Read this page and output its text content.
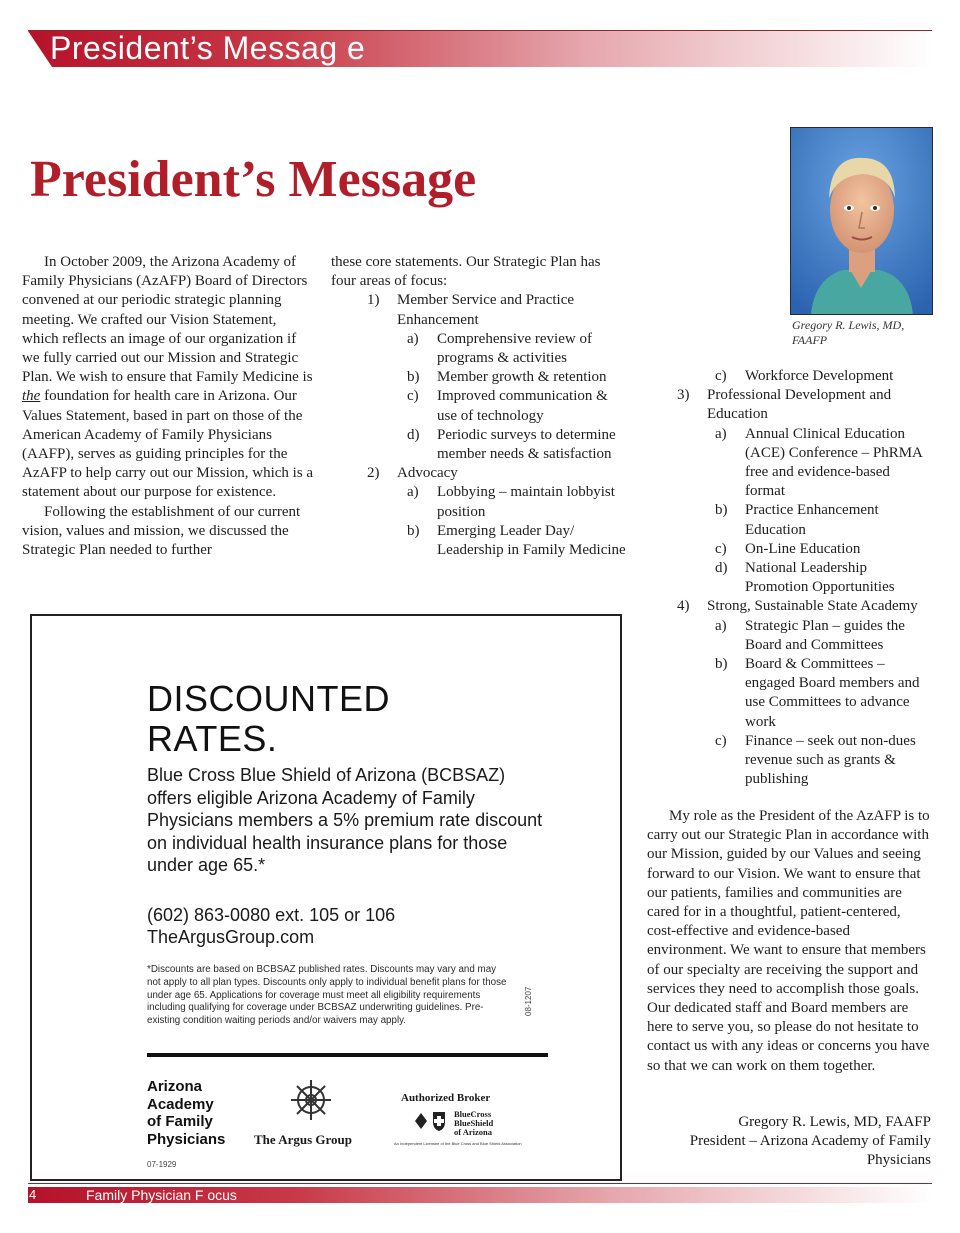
President’s Messag e
President’s Message
Gregory R. Lewis, MD,
FAAFP

In October 2009, the Arizona Academy of Family Physicians (AzAFP) Board of Directors convened at our periodic strategic planning meeting. We crafted our Vision Statement, which reflects an image of our organization if we fully carried out our Mission and Strategic Plan. We wish to ensure that Family Medicine is the foundation for health care in Arizona. Our Values Statement, based in part on those of the American Academy of Family Physicians (AAFP), serves as guiding principles for the AzAFP to help carry out our Mission, which is a statement about our purpose for existence.

Following the establishment of our current vision, values and mission, we discussed the Strategic Plan needed to further

these core statements. Our Strategic Plan has four areas of focus:

1)	Member Service and Practice Enhancement
a)	Comprehensive review of programs & activities
b)	Member growth & retention
c)	Improved communication & use of technology
d)	Periodic surveys to determine member needs & satisfaction
2)	Advocacy
a)	Lobbying – maintain lobbyist position
b)	Emerging Leader Day/ Leadership in Family Medicine
c)	Workforce Development
3)	Professional Development and Education
a)	Annual Clinical Education (ACE) Conference – PhRMA free and evidence-based format
b)	Practice Enhancement Education
c)	On-Line Education
d)	National Leadership Promotion Opportunities
4)	Strong, Sustainable State Academy
a)	Strategic Plan – guides the Board and Committees
b)	Board & Committees – engaged Board members and use Committees to advance work
c)	Finance – seek out non-dues revenue such as grants & publishing

My role as the President of the AzAFP is to carry out our Strategic Plan in accordance with our Mission, guided by our Values and seeing forward to our Vision. We want to ensure that our patients, families and communities are cared for in a thoughtful, patient-centered, cost-effective and evidence-based environment. We want to ensure that members of our specialty are receiving the support and services they need to accomplish those goals. Our dedicated staff and Board members are here to serve you, so please do not hesitate to contact us with any ideas or concerns you have so that we can work on them together.

Gregory R. Lewis, MD, FAAFP
President – Arizona Academy of Family
Physicians
DISCOUNTED
RATES.

Blue Cross Blue Shield of Arizona (BCBSAZ) offers eligible Arizona Academy of Family Physicians members a 5% premium rate discount on individual health insurance plans for those under age 65.*

(602) 863-0080 ext. 105 or 106

TheArgusGroup.com

*Discounts are based on BCBSAZ published rates. Discounts may vary and may not apply to all plan types. Discounts only apply to individual benefit plans for those under age 65. Applications for coverage must meet all eligibility requirements including qualifying for coverage under BCBSAZ underwriting guidelines. Pre-existing condition waiting periods and/or waivers may apply.

08-1207
Arizona
Academy
of Family
Physicians The Argus Group
Authorized Broker
BlueCross
BlueShield
of Arizona
An Independent Licensee of the Blue Cross and Blue Shield Association
07-1929
4	Family Physician F ocus
